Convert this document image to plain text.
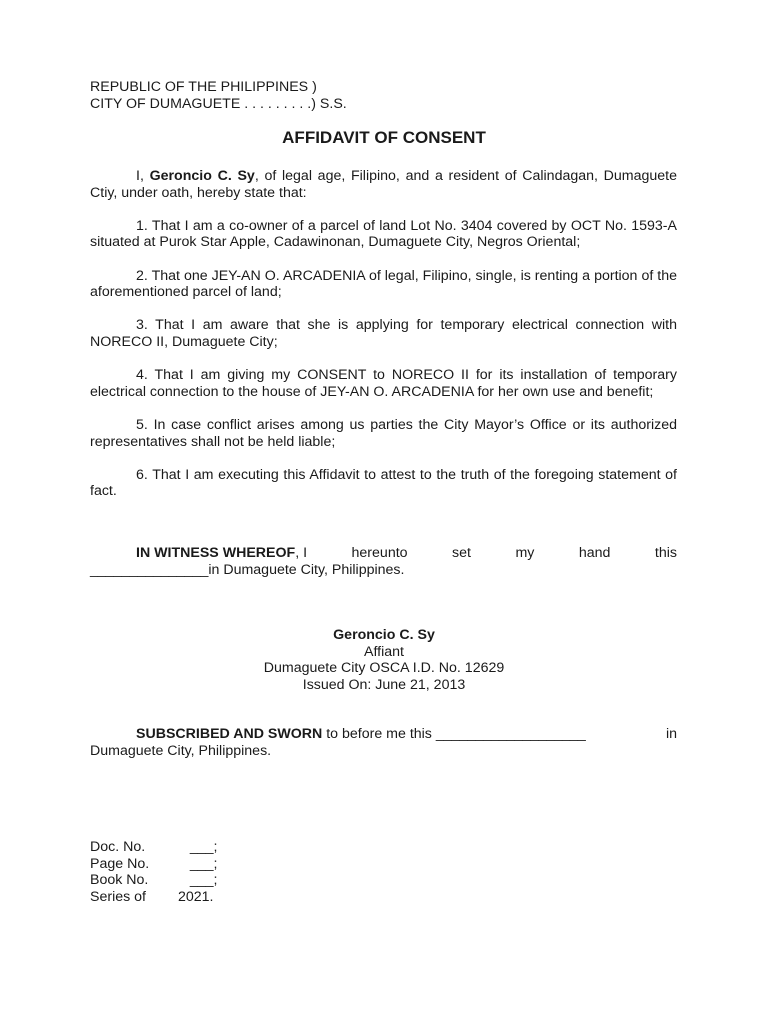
REPUBLIC OF THE PHILIPPINES )
CITY OF DUMAGUETE . . . . . . . . .) S.S.
AFFIDAVIT OF CONSENT

I, Geroncio C. Sy, of legal age, Filipino, and a resident of Calindagan, Dumaguete Ctiy, under oath, hereby state that:

1. That I am a co-owner of a parcel of land Lot No. 3404 covered by OCT No. 1593-A situated at Purok Star Apple, Cadawinonan, Dumaguete City, Negros Oriental;

2. That one JEY-AN O. ARCADENIA of legal, Filipino, single, is renting a portion of the aforementioned parcel of land;

3. That I am aware that she is applying for temporary electrical connection with NORECO II, Dumaguete City;

4. That I am giving my CONSENT to NORECO II for its installation of temporary electrical connection to the house of JEY-AN O. ARCADENIA for her own use and benefit;

5. In case conflict arises among us parties the City Mayor’s Office or its authorized representatives shall not be held liable;

6. That I am executing this Affidavit to attest to the truth of the foregoing statement of fact.

IN WITNESS WHEREOF, I	hereunto	set	my	hand	this
_______________in Dumaguete City, Philippines.
Geroncio C. Sy
Affiant
Dumaguete City OSCA I.D. No. 12629
Issued On: June 21, 2013
SUBSCRIBED AND SWORN to before me this ___________________	in
Dumaguete City, Philippines.
Doc. No.	___;
Page No.	___;
Book No.	___;
Series of	2021.
